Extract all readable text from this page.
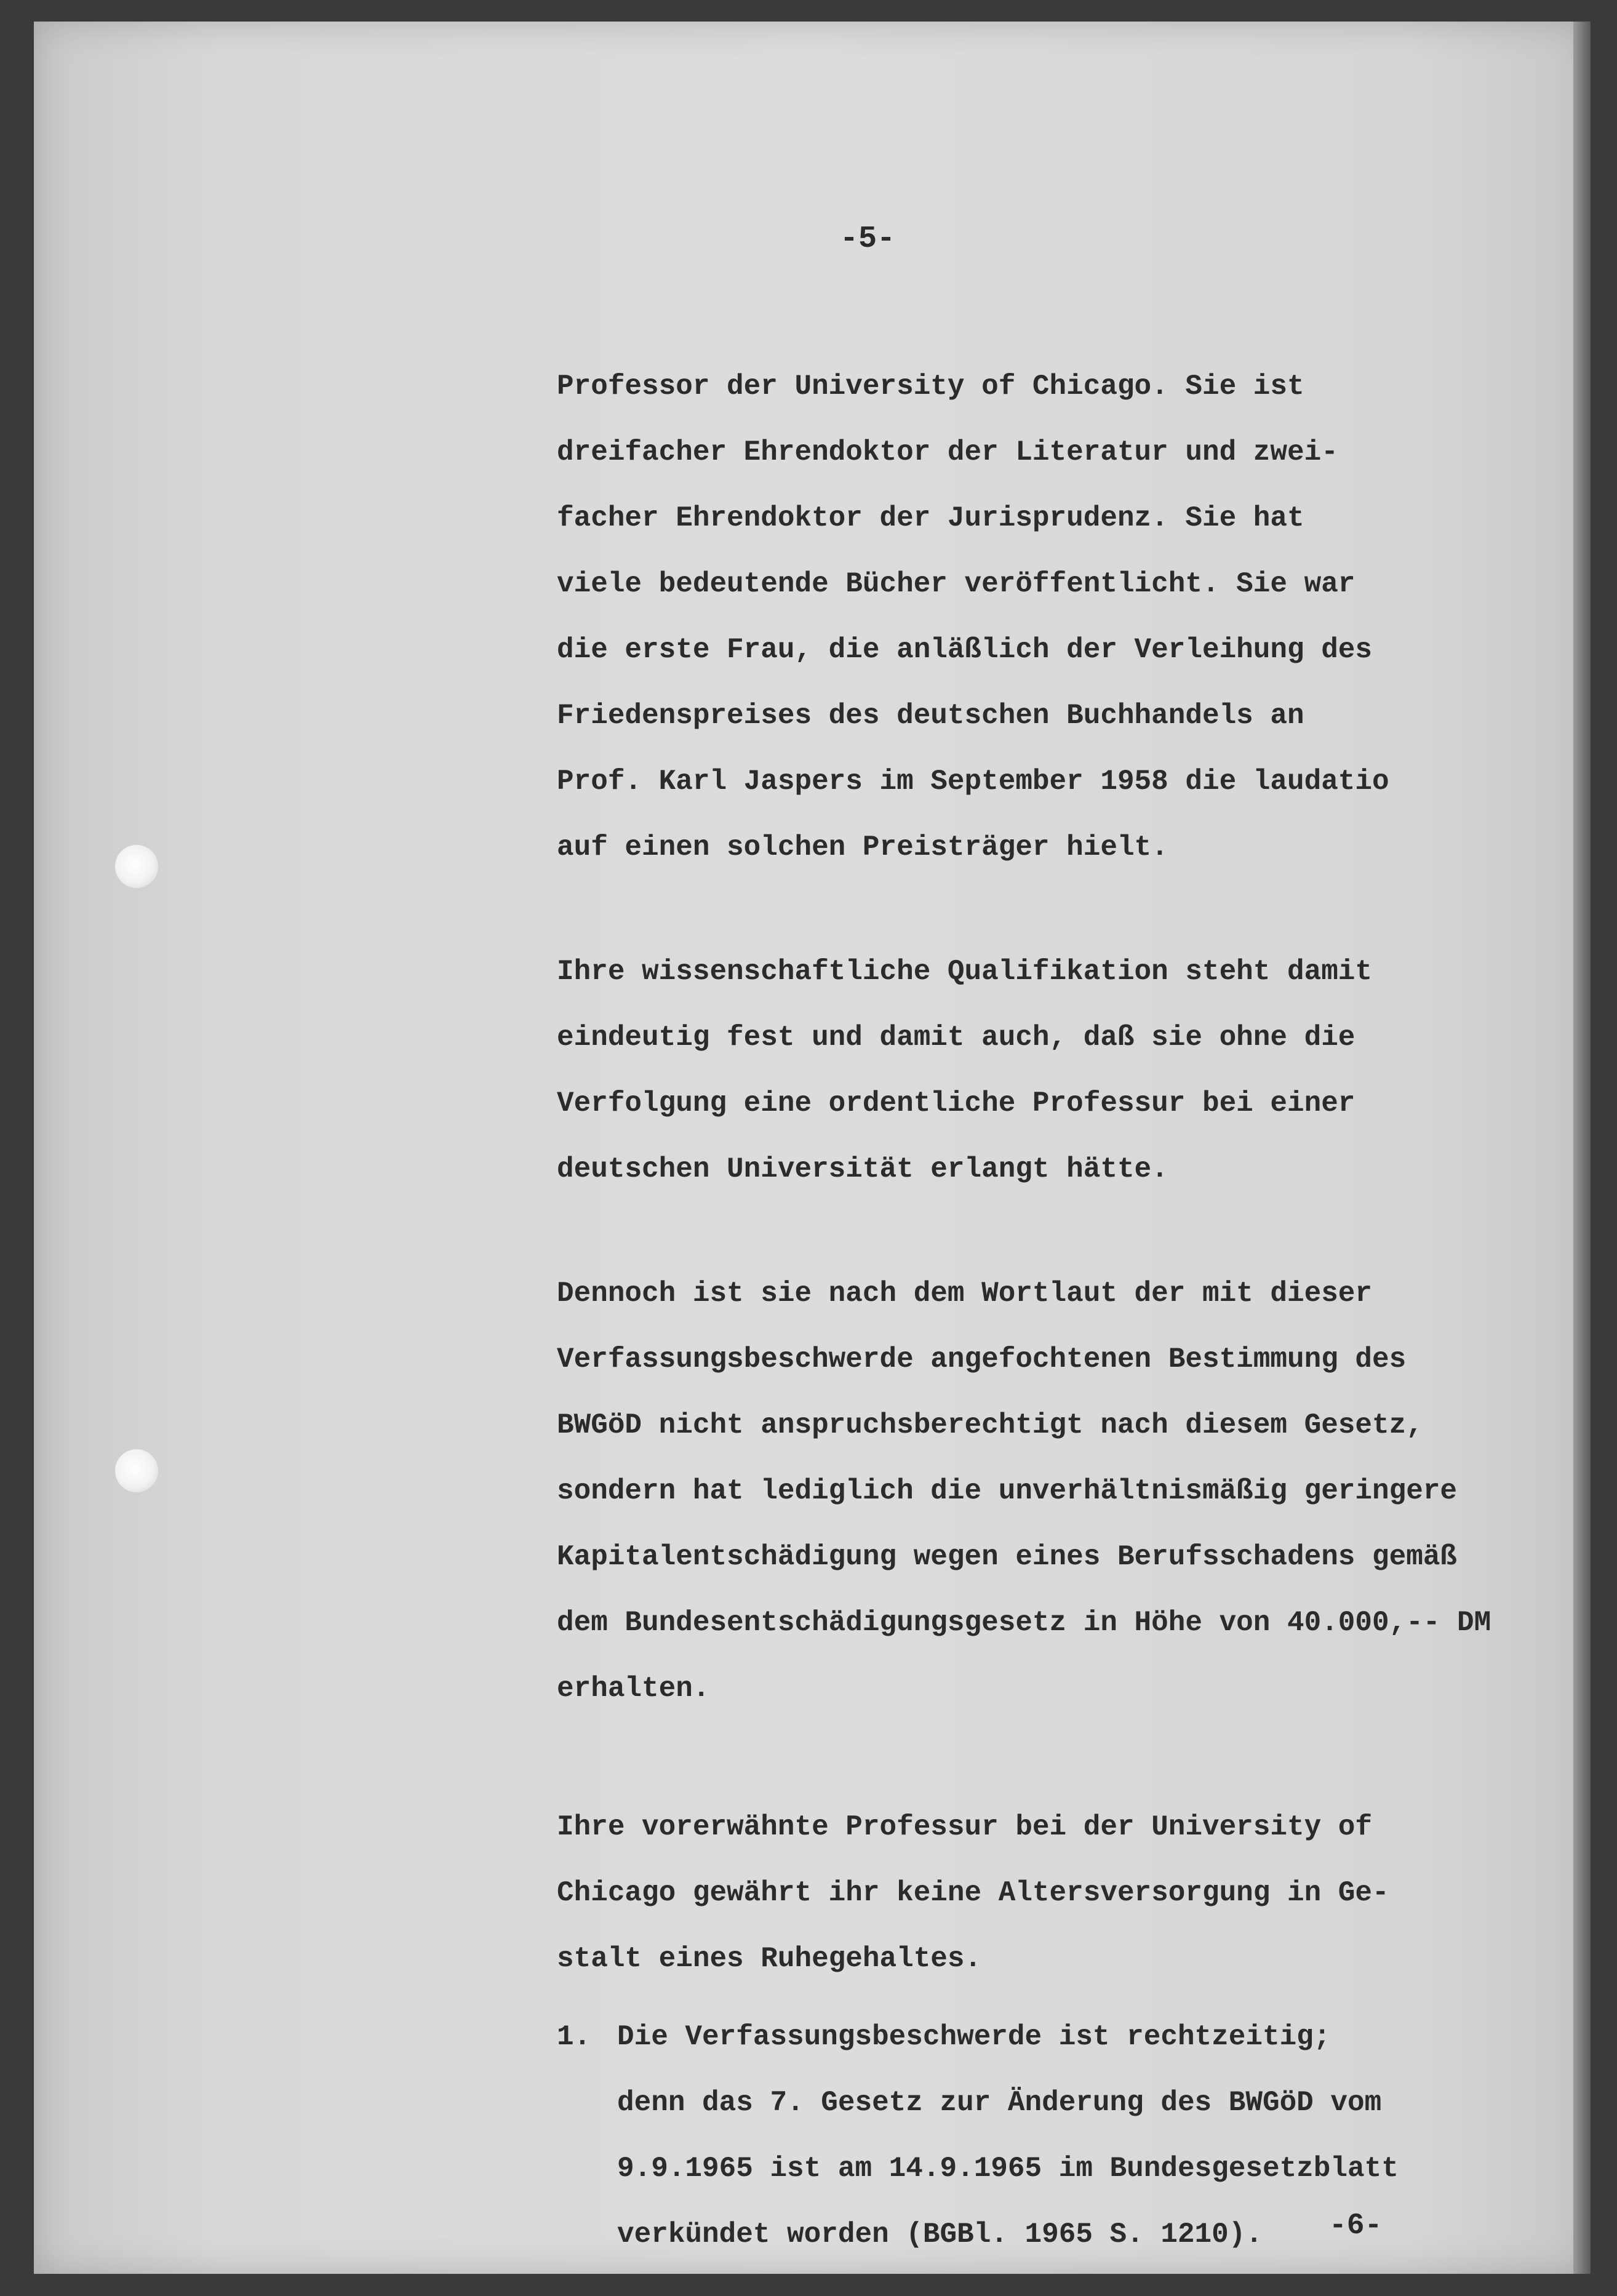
-5-
Professor der University of Chicago. Sie ist
dreifacher Ehrendoktor der Literatur und zwei-
facher Ehrendoktor der Jurisprudenz. Sie hat
viele bedeutende Bücher veröffentlicht. Sie war
die erste Frau, die anläßlich der Verleihung des
Friedenspreises des deutschen Buchhandels an
Prof. Karl Jaspers im September 1958 die laudatio
auf einen solchen Preisträger hielt.
Ihre wissenschaftliche Qualifikation steht damit
eindeutig fest und damit auch, daß sie ohne die
Verfolgung eine ordentliche Professur bei einer
deutschen Universität erlangt hätte.
Dennoch ist sie nach dem Wortlaut der mit dieser
Verfassungsbeschwerde angefochtenen Bestimmung des
BWGöD nicht anspruchsberechtigt nach diesem Gesetz,
sondern hat lediglich die unverhältnismäßig geringere
Kapitalentschädigung wegen eines Berufsschadens gemäß
dem Bundesentschädigungsgesetz in Höhe von 40.000,-- DM
erhalten.
Ihre vorerwähnte Professur bei der University of
Chicago gewährt ihr keine Altersversorgung in Ge-
stalt eines Ruhegehaltes.
1. Die Verfassungsbeschwerde ist rechtzeitig;
denn das 7. Gesetz zur Änderung des BWGöD vom
9.9.1965 ist am 14.9.1965 im Bundesgesetzblatt
verkündet worden (BGBl. 1965 S. 1210).	-6-
